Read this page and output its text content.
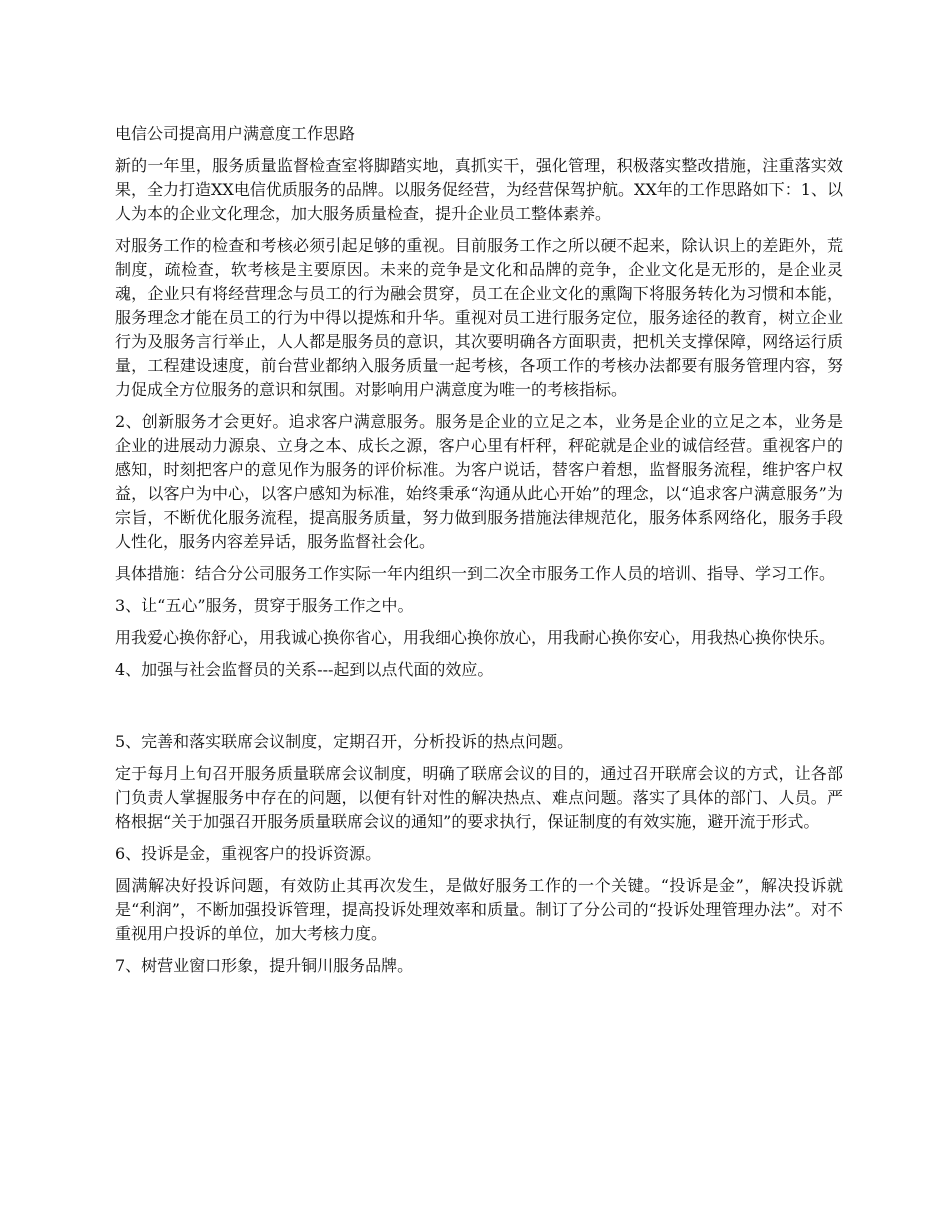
电信公司提高用户满意度工作思路

新的一年里，服务质量监督检查室将脚踏实地，真抓实干，强化管理，积极落实整改措施，注重落实效果，全力打造XX电信优质服务的品牌。以服务促经营，为经营保驾护航。XX年的工作思路如下：1、以人为本的企业文化理念，加大服务质量检查，提升企业员工整体素养。

对服务工作的检查和考核必须引起足够的重视。目前服务工作之所以硬不起来，除认识上的差距外，荒制度，疏检查，软考核是主要原因。未来的竞争是文化和品牌的竞争，企业文化是无形的，是企业灵魂，企业只有将经营理念与员工的行为融会贯穿，员工在企业文化的熏陶下将服务转化为习惯和本能，服务理念才能在员工的行为中得以提炼和升华。重视对员工进行服务定位，服务途径的教育，树立企业行为及服务言行举止，人人都是服务员的意识，其次要明确各方面职责，把机关支撑保障，网络运行质量，工程建设速度，前台营业都纳入服务质量一起考核，各项工作的考核办法都要有服务管理内容，努力促成全方位服务的意识和氛围。对影响用户满意度为唯一的考核指标。

2、创新服务才会更好。追求客户满意服务。服务是企业的立足之本，业务是企业的立足之本，业务是企业的进展动力源泉、立身之本、成长之源，客户心里有杆秤，秤砣就是企业的诚信经营。重视客户的感知，时刻把客户的意见作为服务的评价标准。为客户说话，替客户着想，监督服务流程，维护客户权益，以客户为中心，以客户感知为标准，始终秉承“沟通从此心开始”的理念，以“追求客户满意服务”为宗旨，不断优化服务流程，提高服务质量，努力做到服务措施法律规范化，服务体系网络化，服务手段人性化，服务内容差异话，服务监督社会化。

具体措施：结合分公司服务工作实际一年内组织一到二次全市服务工作人员的培训、指导、学习工作。

3、让“五心”服务，贯穿于服务工作之中。

用我爱心换你舒心，用我诚心换你省心，用我细心换你放心，用我耐心换你安心，用我热心换你快乐。

4、加强与社会监督员的关系---起到以点代面的效应。

5、完善和落实联席会议制度，定期召开，分析投诉的热点问题。

定于每月上旬召开服务质量联席会议制度，明确了联席会议的目的，通过召开联席会议的方式，让各部门负责人掌握服务中存在的问题，以便有针对性的解决热点、难点问题。落实了具体的部门、人员。严格根据“关于加强召开服务质量联席会议的通知”的要求执行，保证制度的有效实施，避开流于形式。

6、投诉是金，重视客户的投诉资源。

圆满解决好投诉问题，有效防止其再次发生，是做好服务工作的一个关键。“投诉是金”，解决投诉就是“利润”，不断加强投诉管理，提高投诉处理效率和质量。制订了分公司的“投诉处理管理办法”。对不重视用户投诉的单位，加大考核力度。

7、树营业窗口形象，提升铜川服务品牌。
